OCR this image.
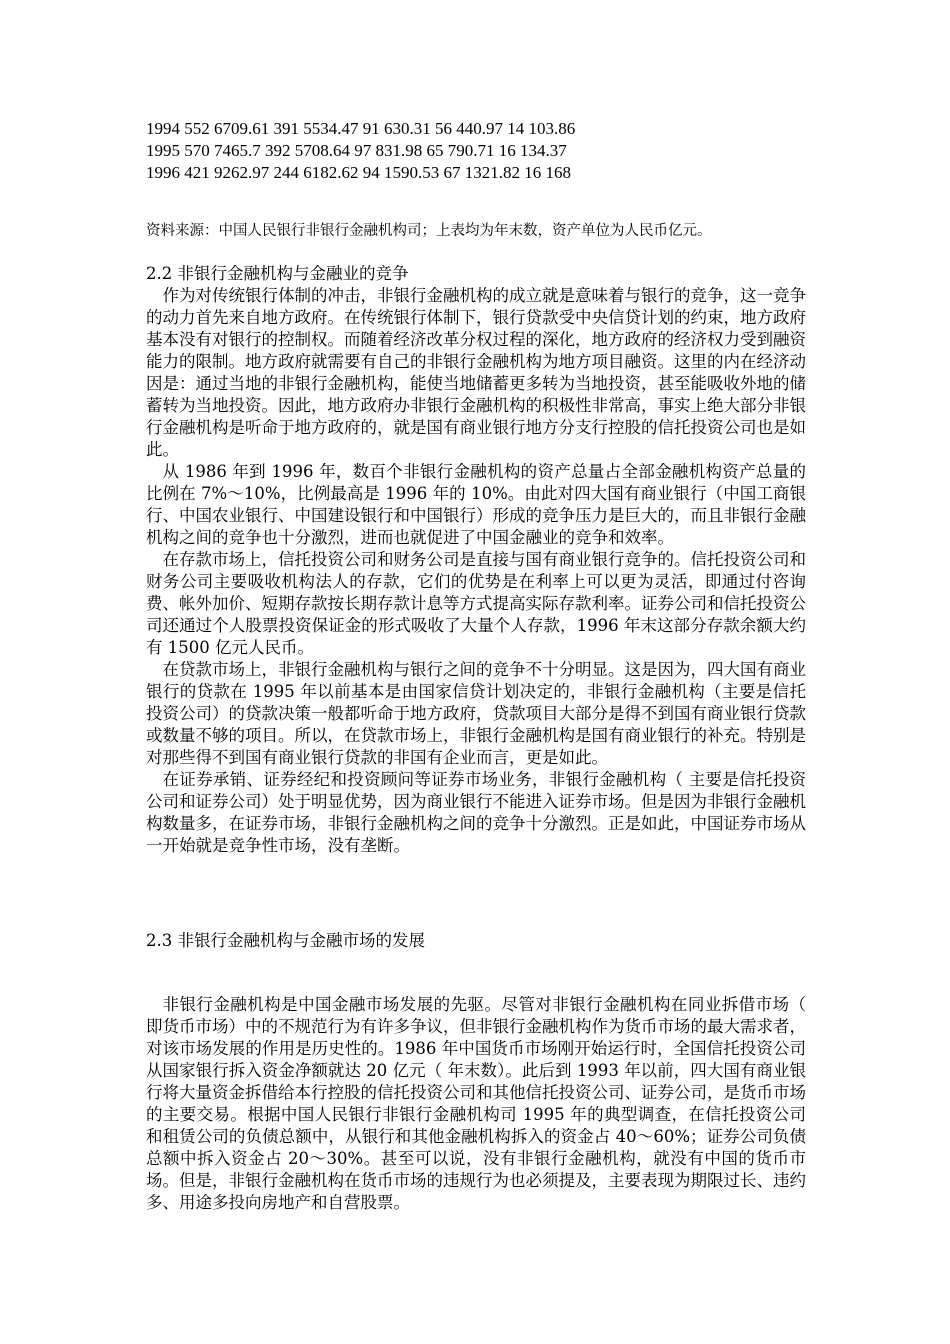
1994 552 6709.61 391 5534.47 91 630.31 56 440.97 14 103.86
1995 570 7465.7 392 5708.64 97 831.98 65 790.71 16 134.37
1996 421 9262.97 244 6182.62 94 1590.53 67 1321.82 16 168
资料来源：中国人民银行非银行金融机构司；上表均为年末数，资产单位为人民币亿元。

2.2 非银行金融机构与金融业的竞争

作为对传统银行体制的冲击，非银行金融机构的成立就是意味着与银行的竞争，这一竞争的动力首先来自地方政府。在传统银行体制下，银行贷款受中央信贷计划的约束，地方政府基本没有对银行的控制权。而随着经济改革分权过程的深化，地方政府的经济权力受到融资能力的限制。地方政府就需要有自己的非银行金融机构为地方项目融资。这里的内在经济动因是：通过当地的非银行金融机构，能使当地储蓄更多转为当地投资，甚至能吸收外地的储蓄转为当地投资。因此，地方政府办非银行金融机构的积极性非常高，事实上绝大部分非银行金融机构是听命于地方政府的，就是国有商业银行地方分支行控股的信托投资公司也是如此。

从 1986 年到 1996 年，数百个非银行金融机构的资产总量占全部金融机构资产总量的比例在 7%～10%，比例最高是 1996 年的 10%。由此对四大国有商业银行（中国工商银行、中国农业银行、中国建设银行和中国银行）形成的竞争压力是巨大的，而且非银行金融机构之间的竞争也十分激烈，进而也就促进了中国金融业的竞争和效率。

在存款市场上，信托投资公司和财务公司是直接与国有商业银行竞争的。信托投资公司和财务公司主要吸收机构法人的存款，它们的优势是在利率上可以更为灵活，即通过付咨询费、帐外加价、短期存款按长期存款计息等方式提高实际存款利率。证券公司和信托投资公司还通过个人股票投资保证金的形式吸收了大量个人存款，1996 年末这部分存款余额大约有 1500 亿元人民币。

在贷款市场上，非银行金融机构与银行之间的竞争不十分明显。这是因为，四大国有商业银行的贷款在 1995 年以前基本是由国家信贷计划决定的，非银行金融机构（主要是信托投资公司）的贷款决策一般都听命于地方政府，贷款项目大部分是得不到国有商业银行贷款或数量不够的项目。所以，在贷款市场上，非银行金融机构是国有商业银行的补充。特别是对那些得不到国有商业银行贷款的非国有企业而言，更是如此。

在证券承销、证券经纪和投资顾问等证券市场业务，非银行金融机构（ 主要是信托投资公司和证券公司）处于明显优势，因为商业银行不能进入证券市场。但是因为非银行金融机构数量多，在证券市场，非银行金融机构之间的竞争十分激烈。正是如此，中国证券市场从一开始就是竞争性市场，没有垄断。

2.3 非银行金融机构与金融市场的发展

非银行金融机构是中国金融市场发展的先驱。尽管对非银行金融机构在同业拆借市场（ 即货币市场）中的不规范行为有许多争议，但非银行金融机构作为货币市场的最大需求者，对该市场发展的作用是历史性的。1986 年中国货币市场刚开始运行时，全国信托投资公司从国家银行拆入资金净额就达 20 亿元（ 年末数）。此后到 1993 年以前，四大国有商业银行将大量资金拆借给本行控股的信托投资公司和其他信托投资公司、证券公司，是货币市场的主要交易。根据中国人民银行非银行金融机构司 1995 年的典型调查，在信托投资公司和租赁公司的负债总额中，从银行和其他金融机构拆入的资金占 40～60%；证券公司负债总额中拆入资金占 20～30%。甚至可以说，没有非银行金融机构，就没有中国的货币市场。但是，非银行金融机构在货币市场的违规行为也必须提及，主要表现为期限过长、违约多、用途多投向房地产和自营股票。
